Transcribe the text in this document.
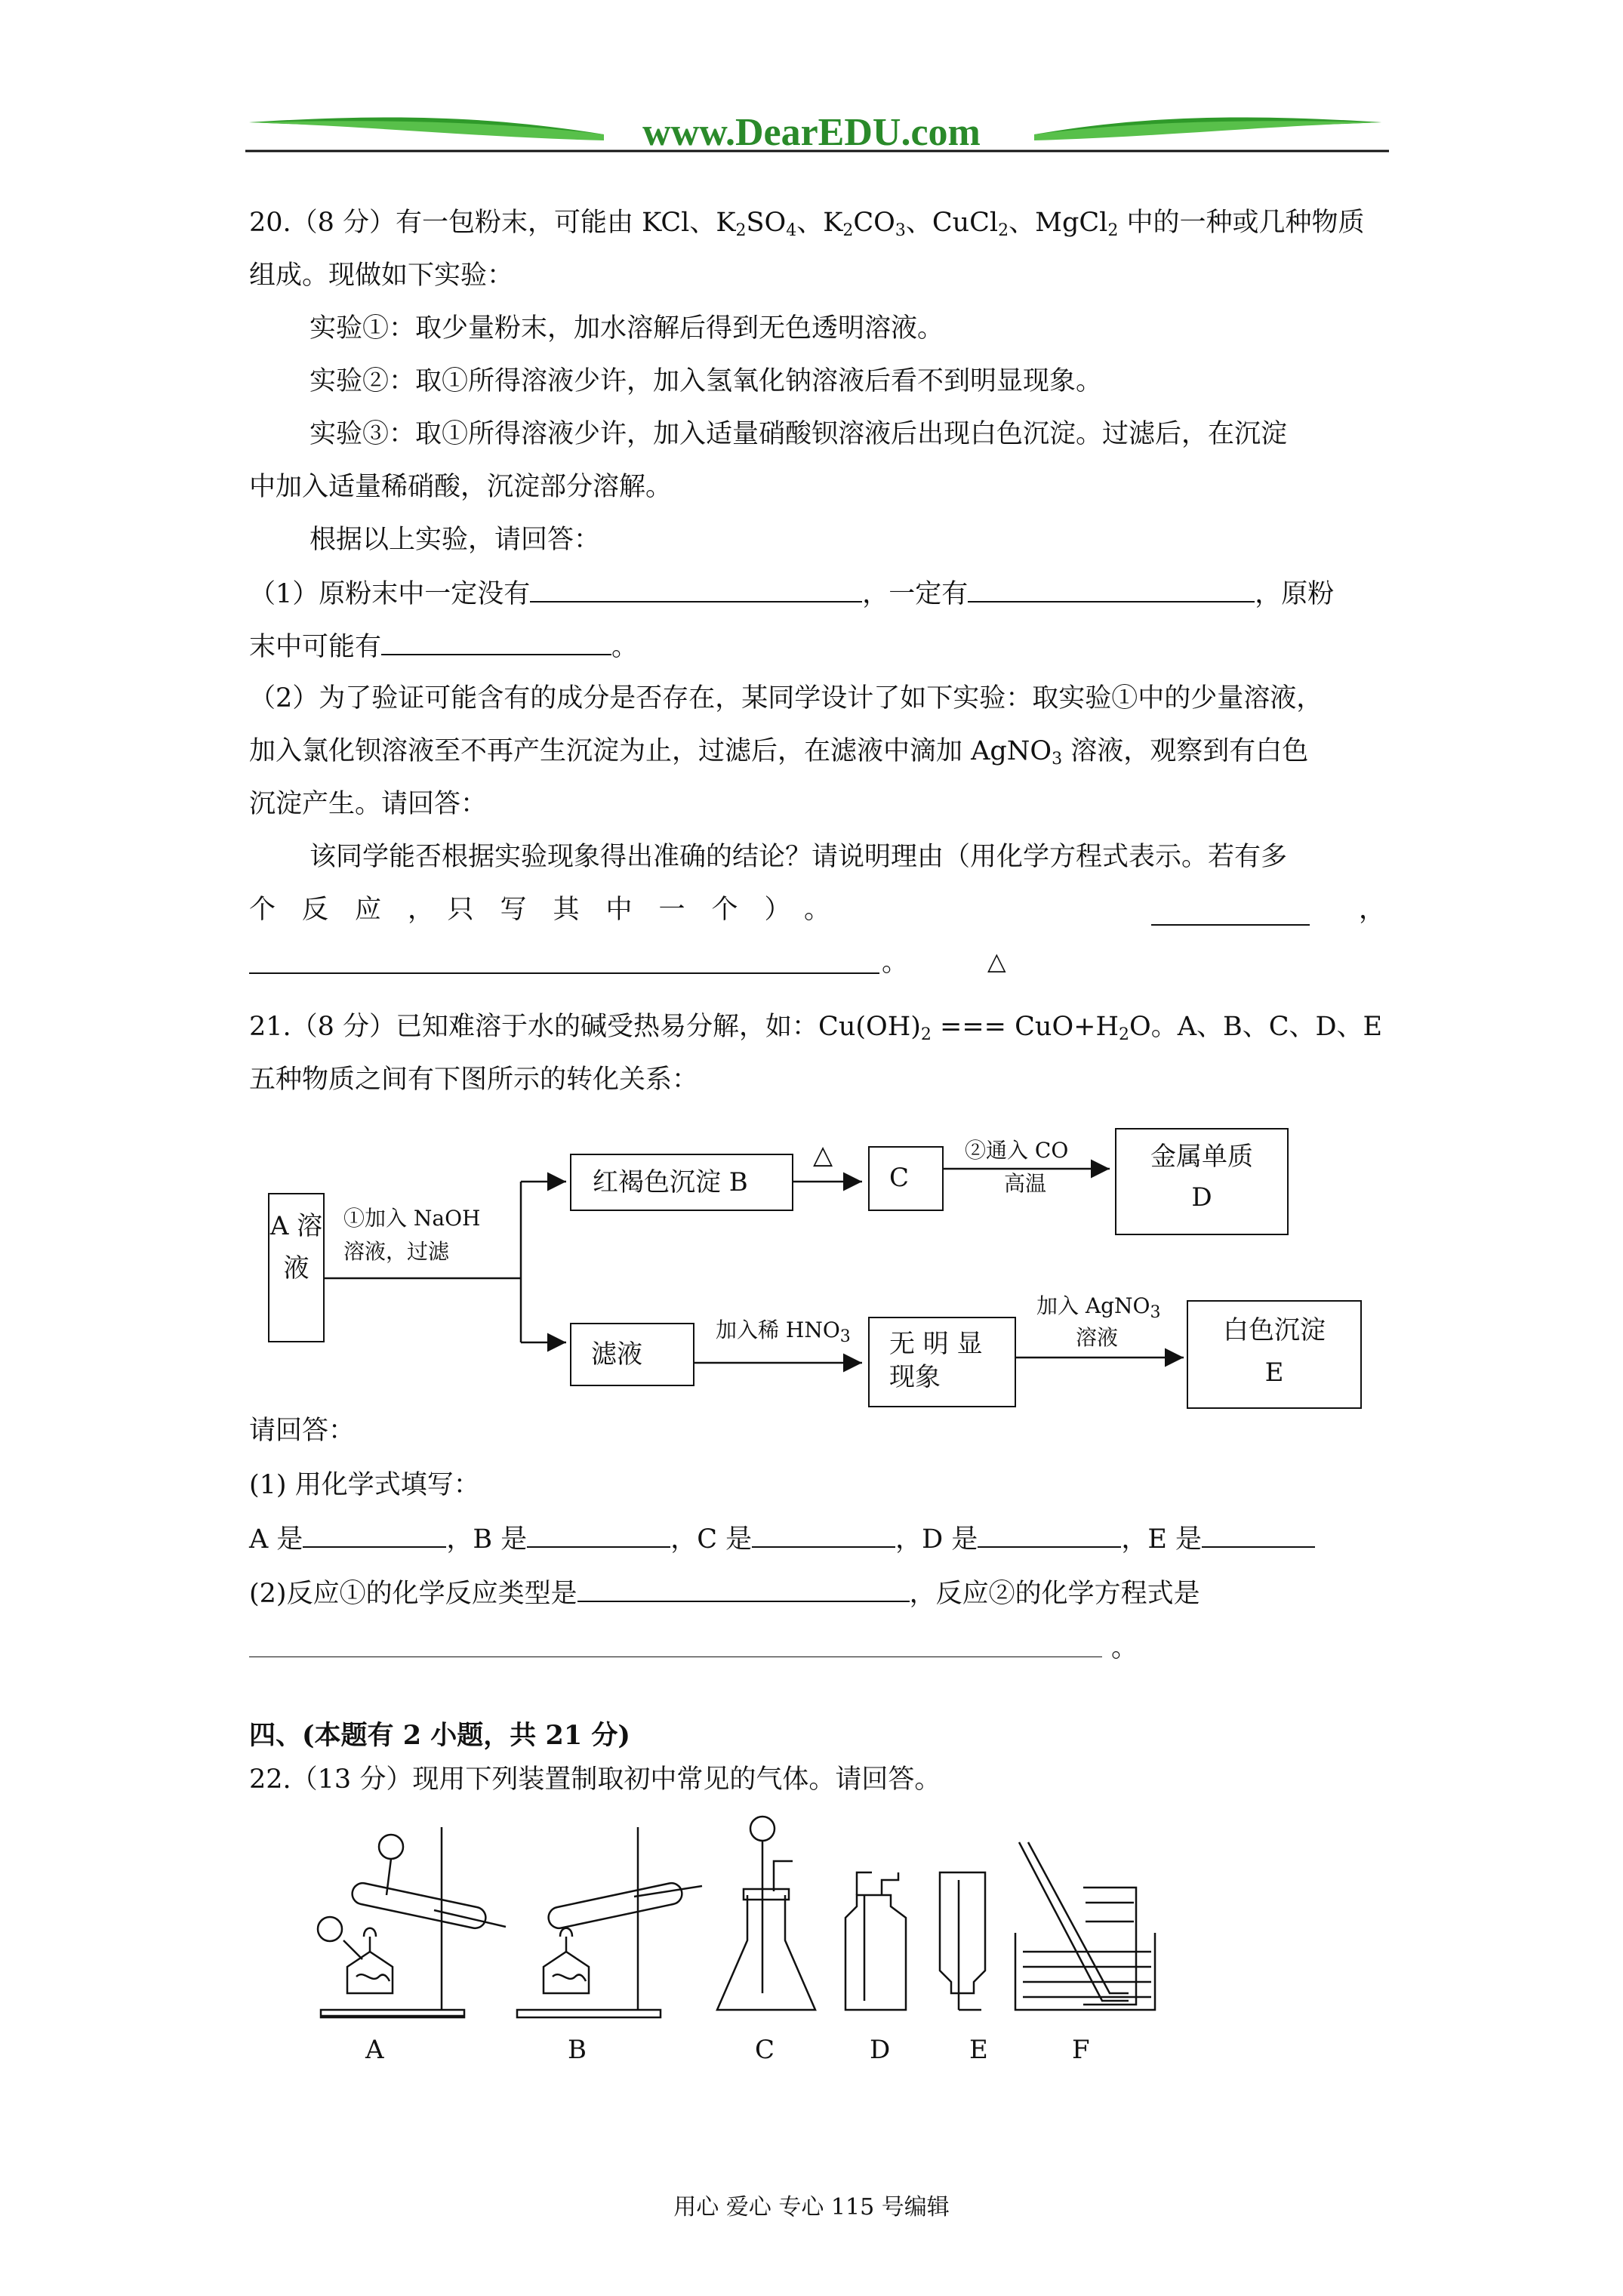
www.DearEDU.com
20.（8 分）有一包粉末，可能由 KCl、$K_2SO_4$、$K_2CO_3$、CuCl$_2$、MgCl$_2$ 中的一种或几种物质
组成。现做如下实验：
实验①：取少量粉末，加水溶解后得到无色透明溶液。
实验②：取①所得溶液少许，加入氢氧化钠溶液后看不到明显现象。
实验③：取①所得溶液少许，加入适量硝酸钡溶液后出现白色沉淀。过滤后，在沉淀
中加入适量稀硝酸，沉淀部分溶解。
根据以上实验，请回答：
（1）原粉末中一定没有	，一定有	，原粉
末中可能有	。
（2）为了验证可能含有的成分是否存在，某同学设计了如下实验：取实验①中的少量溶液，
加入氯化钡溶液至不再产生沉淀为止，过滤后，在滤液中滴加 AgNO$_3$ 溶液，观察到有白色
沉淀产生。请回答：
该同学能否根据实验现象得出准确的结论？请说明理由（用化学方程式表示。若有多
个　反　应　，　只　写　其　中　一　个　）　。	，
。	△
21.（8 分）已知难溶于水的碱受热易分解，如：$Cu(OH)_2$ === $CuO+H_2O$。A、B、C、D、E
五种物质之间有下图所示的转化关系：
A 溶 液
红褐色沉淀 B	C
金属单质
D
滤液	无 明 显
现象
白色沉淀
E
①加入 NaOH
溶液，过滤
△	②通入 CO
高温
加入稀 $HNO_3$
加入 AgNO$_3$
溶液
请回答：
(1) 用化学式填写：
A 是	，B 是	，C 是	，D 是	，E 是
(2)反应①的化学反应类型是	，反应②的化学方程式是
。
四、(本题有 2 小题，共 21 分)
22.（13 分）现用下列装置制取初中常见的气体。请回答。
A	B	C	D	E	F
用心 爱心 专心 115 号编辑
